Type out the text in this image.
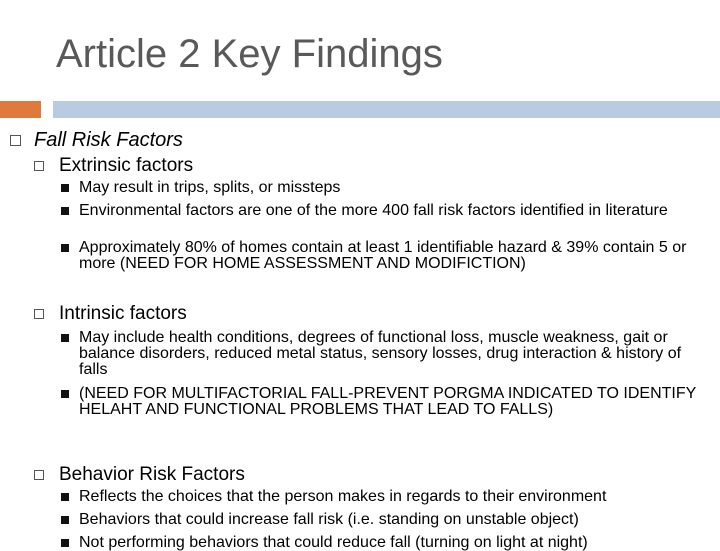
Article 2 Key Findings
Fall Risk Factors
Extrinsic factors
May result in trips, splits, or missteps
Environmental factors are one of the more 400 fall risk factors identified in literature
Approximately 80% of homes contain at least 1 identifiable hazard & 39% contain 5 or more (NEED FOR HOME ASSESSMENT AND MODIFICTION)
Intrinsic factors
May include health conditions, degrees of functional loss, muscle weakness, gait or balance disorders, reduced metal status, sensory losses, drug interaction & history of falls
(NEED FOR MULTIFACTORIAL FALL-PREVENT PORGMA INDICATED TO IDENTIFY HELAHT AND FUNCTIONAL PROBLEMS THAT LEAD TO FALLS)
Behavior Risk Factors
Reflects the choices that the person makes in regards to their environment
Behaviors that could increase fall risk (i.e. standing on unstable object)
Not performing behaviors that could reduce fall (turning on light at night)
